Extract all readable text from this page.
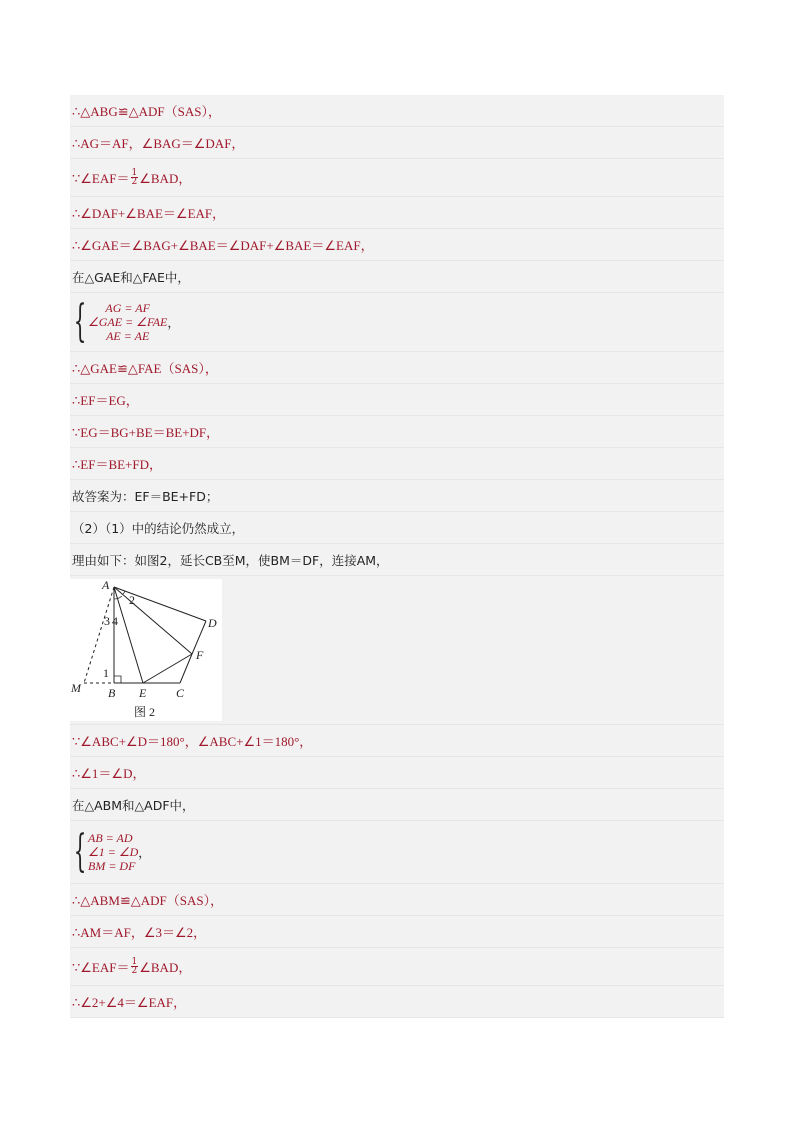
∴△ABG≌△ADF（SAS），
∴AG＝AF，∠BAG＝∠DAF，
∵∠EAF＝ $\frac{1}{2}$ ∠BAD，
∴∠DAF+∠BAE＝∠EAF，
∴∠GAE＝∠BAG+∠BAE＝∠DAF+∠BAE＝∠EAF，
在△GAE和△FAE中，
{ AG = AF
∠GAE = ∠FAE
AE = AE
，
∴△GAE≌△FAE（SAS），
∴EF＝EG，
∵EG＝BG+BE＝BE+DF，
∴EF＝BE+FD，
故答案为：EF＝BE+FD；
（2）（1）中的结论仍然成立，
理由如下：如图2，延长CB至M，使BM＝DF，连接AM，
A
B	C
D
E
F
M
1
2
3 4
图 2
∵∠ABC+∠D＝180°，∠ABC+∠1＝180°，
∴∠1＝∠D，
在△ABM和△ADF中，
{ AB = AD
∠1 = ∠D
BM = DF
，
∴△ABM≌△ADF（SAS），
∴AM＝AF，∠3＝∠2，
∵∠EAF＝ $\frac{1}{2}$ ∠BAD，
∴∠2+∠4＝∠EAF，
